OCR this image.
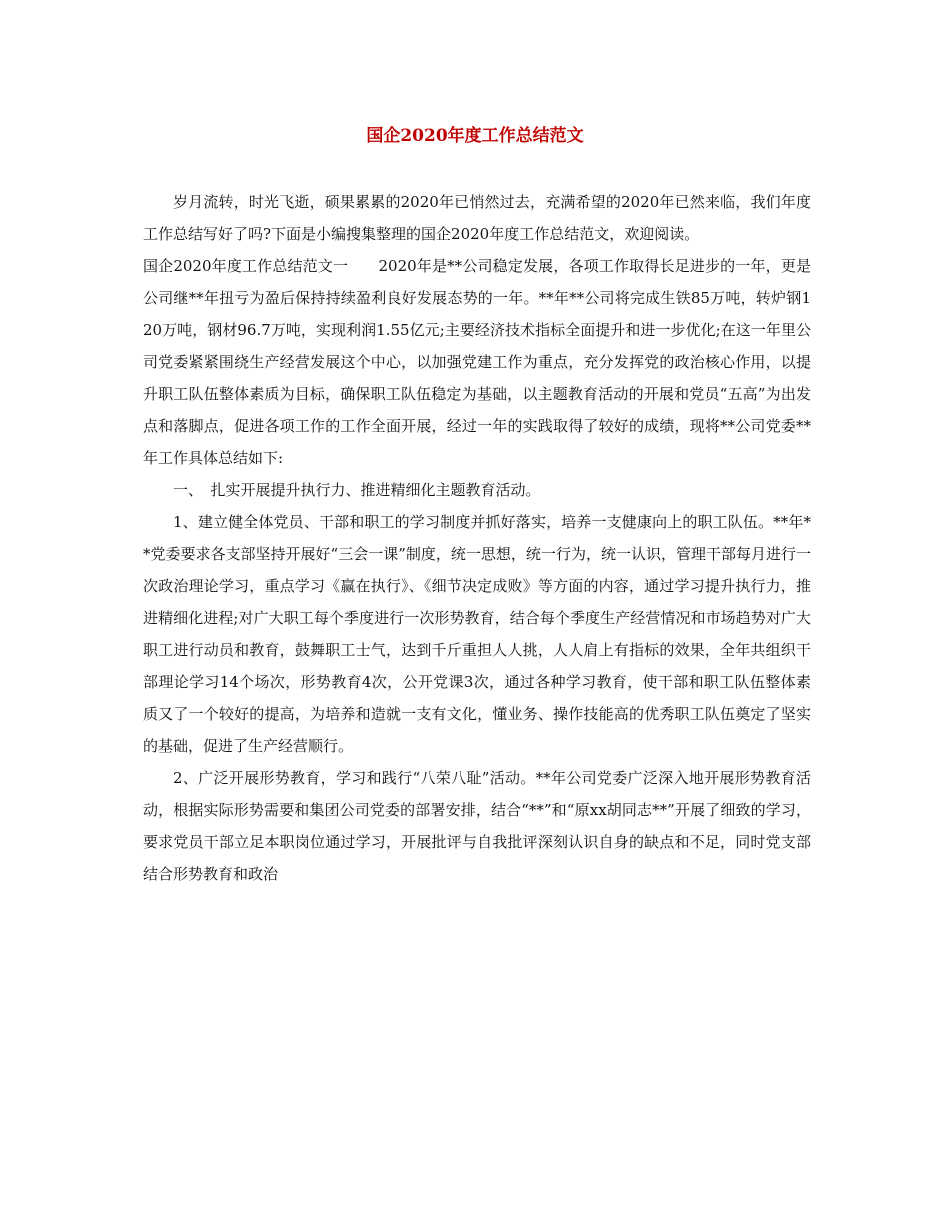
国企2020年度工作总结范文

岁月流转，时光飞逝，硕果累累的2020年已悄然过去，充满希望的2020年已然来临，我们年度工作总结写好了吗?下面是小编搜集整理的国企2020年度工作总结范文，欢迎阅读。

国企2020年度工作总结范文一　　2020年是**公司稳定发展，各项工作取得长足进步的一年，更是公司继**年扭亏为盈后保持持续盈利良好发展态势的一年。**年**公司将完成生铁85万吨，转炉钢120万吨，钢材96.7万吨，实现利润1.55亿元;主要经济技术指标全面提升和进一步优化;在这一年里公司党委紧紧围绕生产经营发展这个中心，以加强党建工作为重点，充分发挥党的政治核心作用，以提升职工队伍整体素质为目标，确保职工队伍稳定为基础，以主题教育活动的开展和党员“五高”为出发点和落脚点，促进各项工作的工作全面开展，经过一年的实践取得了较好的成绩，现将**公司党委**年工作具体总结如下:

一、　扎实开展提升执行力、推进精细化主题教育活动。

1、建立健全体党员、干部和职工的学习制度并抓好落实，培养一支健康向上的职工队伍。**年**党委要求各支部坚持开展好“三会一课”制度，统一思想，统一行为，统一认识，管理干部每月进行一次政治理论学习，重点学习《赢在执行》、《细节决定成败》等方面的内容，通过学习提升执行力，推进精细化进程;对广大职工每个季度进行一次形势教育，结合每个季度生产经营情况和市场趋势对广大职工进行动员和教育，鼓舞职工士气，达到千斤重担人人挑，人人肩上有指标的效果，全年共组织干部理论学习14个场次，形势教育4次，公开党课3次，通过各种学习教育，使干部和职工队伍整体素质又了一个较好的提高，为培养和造就一支有文化，懂业务、操作技能高的优秀职工队伍奠定了坚实的基础，促进了生产经营顺行。

2、广泛开展形势教育，学习和践行“八荣八耻”活动。**年公司党委广泛深入地开展形势教育活动，根据实际形势需要和集团公司党委的部署安排，结合“**”和“原xx胡同志**”开展了细致的学习，要求党员干部立足本职岗位通过学习，开展批评与自我批评深刻认识自身的缺点和不足，同时党支部结合形势教育和政治
